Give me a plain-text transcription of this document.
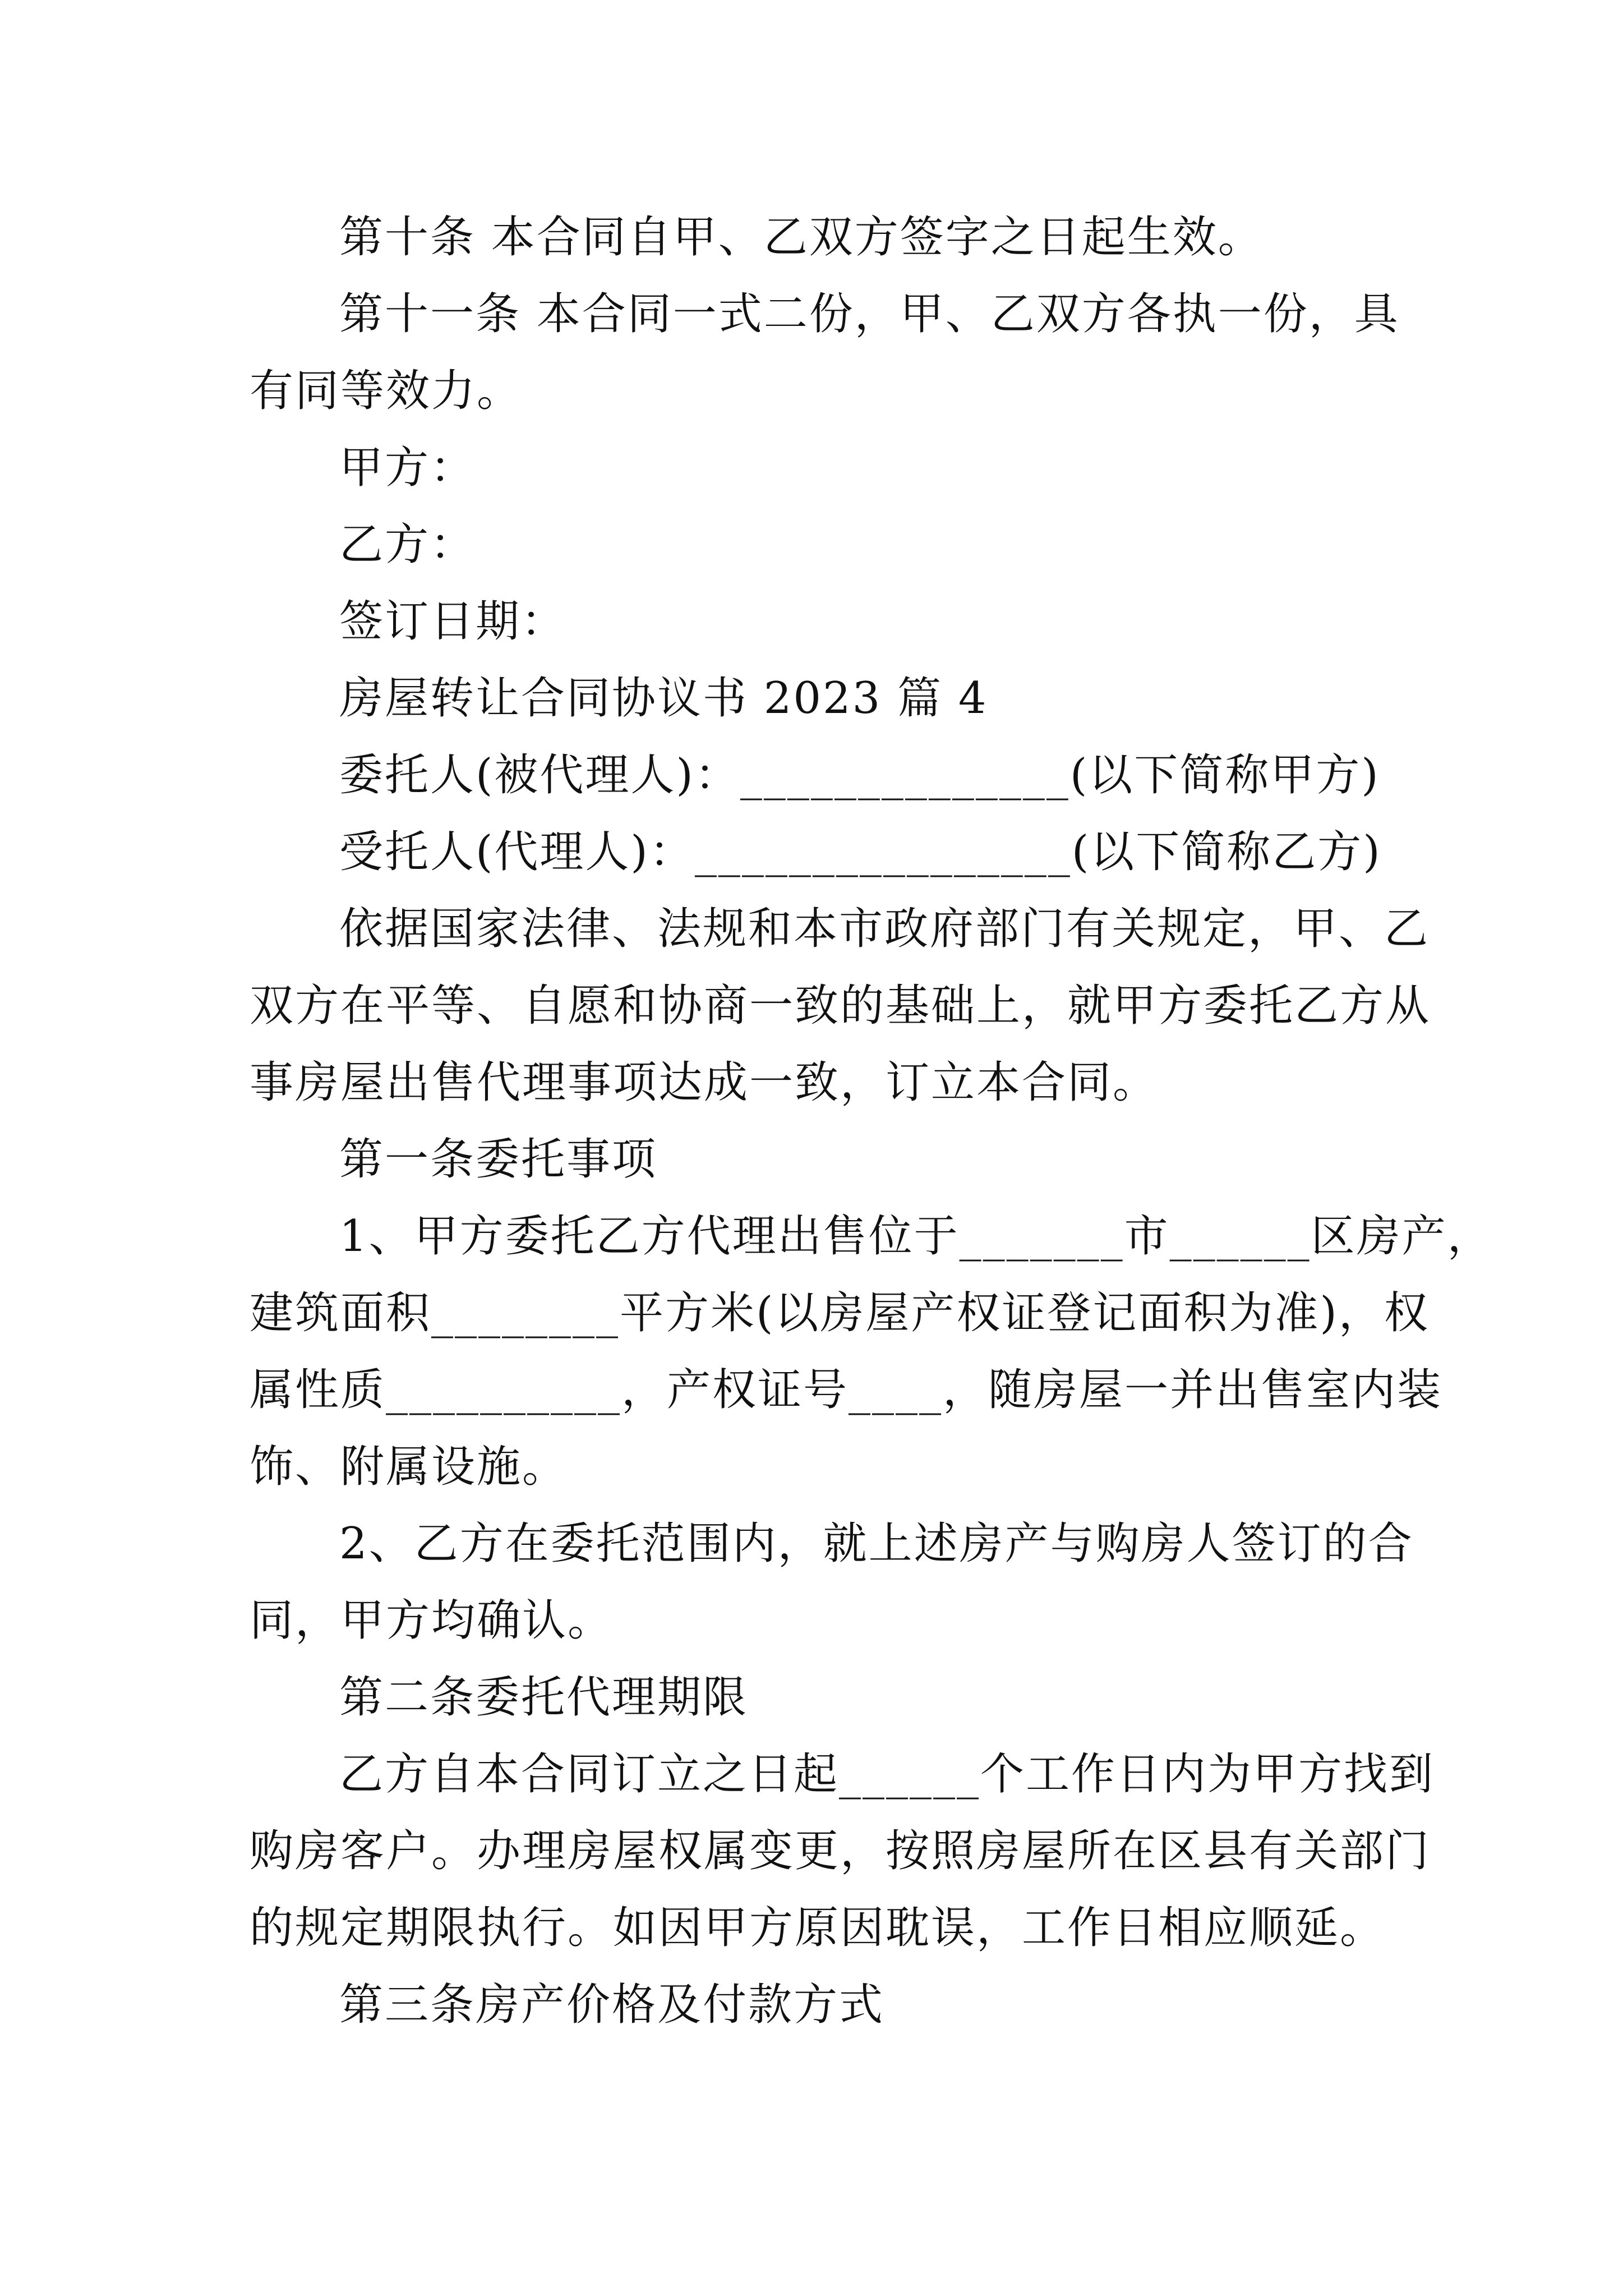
第十条 本合同自甲、乙双方签字之日起生效。
第十一条 本合同一式二份，甲、乙双方各执一份，具
有同等效力。
甲方：
乙方：
签订日期：
房屋转让合同协议书 2023 篇 4
委托人(被代理人)：______________(以下简称甲方)
受托人(代理人)：________________(以下简称乙方)
依据国家法律、法规和本市政府部门有关规定，甲、乙
双方在平等、自愿和协商一致的基础上，就甲方委托乙方从
事房屋出售代理事项达成一致，订立本合同。
第一条委托事项
1、甲方委托乙方代理出售位于_______市______区房产，
建筑面积________平方米(以房屋产权证登记面积为准)，权
属性质__________，产权证号____，随房屋一并出售室内装
饰、附属设施。
2、乙方在委托范围内，就上述房产与购房人签订的合
同，甲方均确认。
第二条委托代理期限
乙方自本合同订立之日起______个工作日内为甲方找到
购房客户。办理房屋权属变更，按照房屋所在区县有关部门
的规定期限执行。如因甲方原因耽误，工作日相应顺延。
第三条房产价格及付款方式
